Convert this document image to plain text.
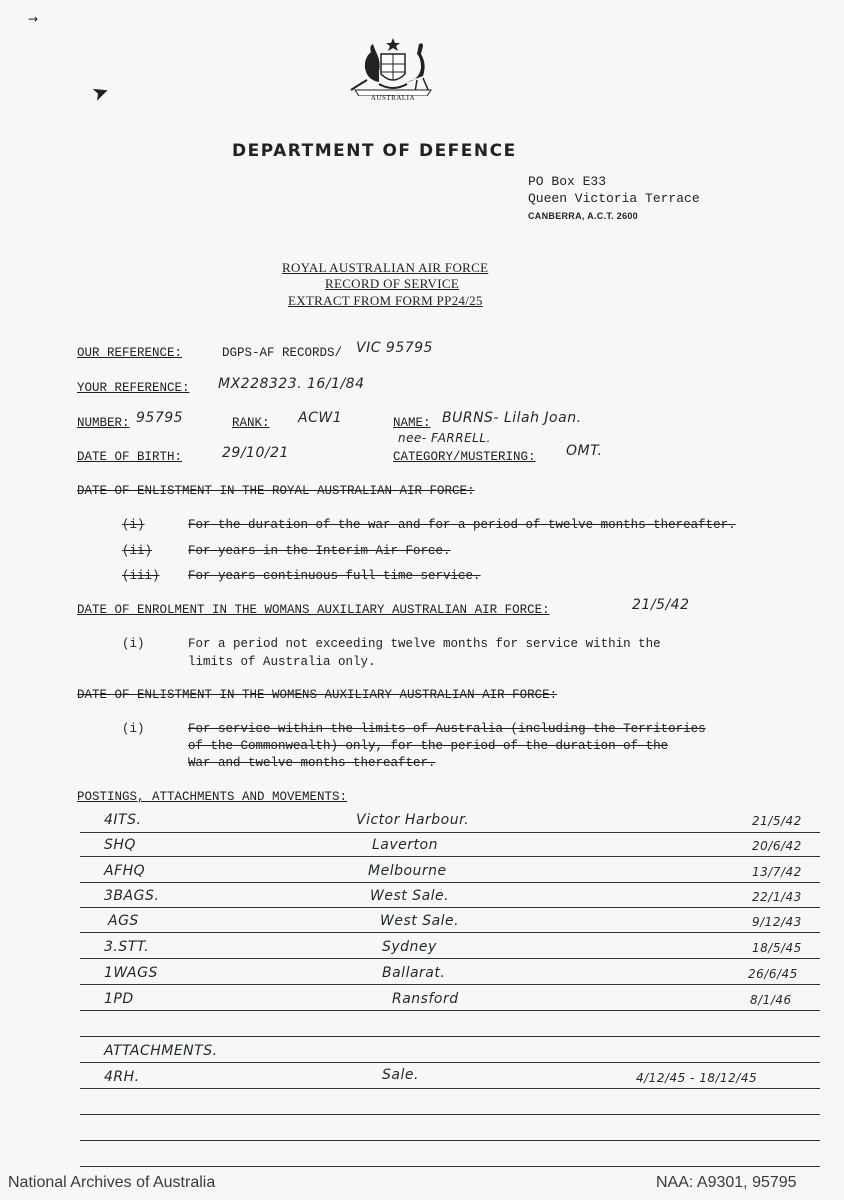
→
AUSTRALIA
➤
DEPARTMENT OF DEFENCE
PO Box E33
Queen Victoria Terrace
CANBERRA, A.C.T. 2600
ROYAL AUSTRALIAN AIR FORCE
RECORD OF SERVICE
EXTRACT FROM FORM PP24/25
OUR REFERENCE:	DGPS-AF RECORDS/ VIC 95795
YOUR REFERENCE: MX228323. 16/1/84
NUMBER: 95795	RANK: ACW1	NAME: BURNS- Lilah Joan.
nee- FARRELL.
DATE OF BIRTH:	29/10/21	CATEGORY/MUSTERING: OMT.
DATE OF ENLISTMENT IN THE ROYAL AUSTRALIAN AIR FORCE:
(i)	For the duration of the war and for a period of twelve months thereafter.
(ii)	For years in the Interim Air Force.
(iii) For years continuous full time service.
DATE OF ENROLMENT IN THE WOMANS AUXILIARY AUSTRALIAN AIR FORCE:	21/5/42
(i)	For a period not exceeding twelve months for service within the
limits of Australia only.
DATE OF ENLISTMENT IN THE WOMENS AUXILIARY AUSTRALIAN AIR FORCE:
(i)	For service within the limits of Australia (including the Territories
of the Commonwealth) only, for the period of the duration of the
War and twelve months thereafter.
POSTINGS, ATTACHMENTS AND MOVEMENTS:
4ITS.	Victor Harbour.	21/5/42
SHQ	Laverton	20/6/42
AFHQ	Melbourne	13/7/42
3BAGS.	West Sale.	22/1/43
AGS	West Sale.	9/12/43
3.STT.	Sydney	18/5/45
1WAGS	Ballarat.	26/6/45
1PD	Ransford	8/1/46
ATTACHMENTS.
4RH.	Sale.	4/12/45 - 18/12/45
National Archives of Australia	NAA: A9301, 95795
